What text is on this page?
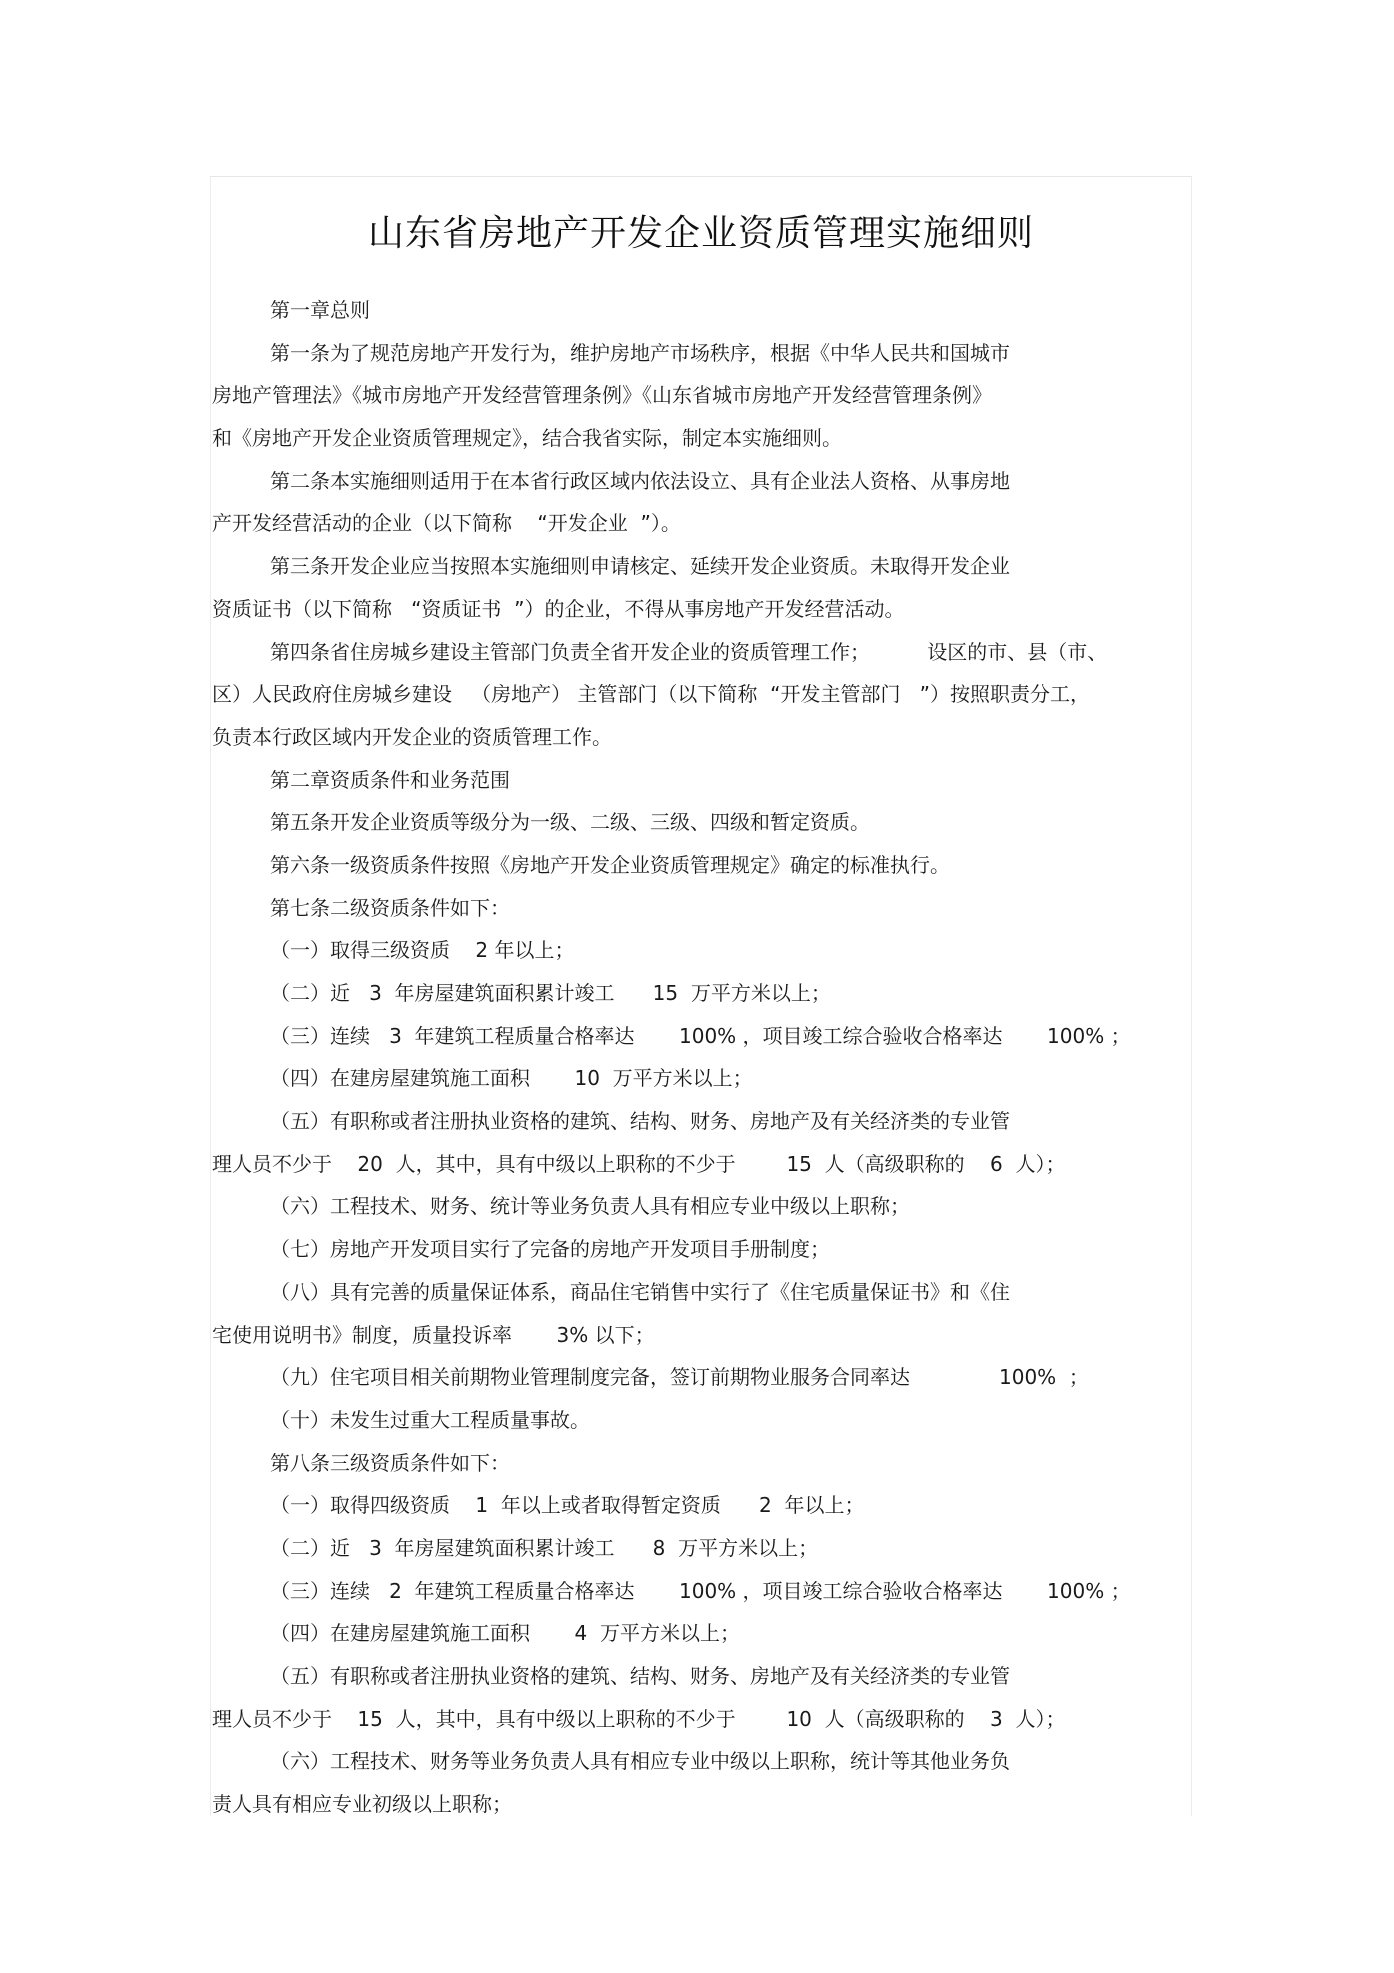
山东省房地产开发企业资质管理实施细则
第一章总则
第一条为了规范房地产开发行为，维护房地产市场秩序，根据《中华人民共和国城市
房地产管理法》《城市房地产开发经营管理条例》《山东省城市房地产开发经营管理条例》
和《房地产开发企业资质管理规定》，结合我省实际，制定本实施细则。
第二条本实施细则适用于在本省行政区域内依法设立、具有企业法人资格、从事房地
产开发经营活动的企业（以下简称    “开发企业  ”）。
第三条开发企业应当按照本实施细则申请核定、延续开发企业资质。未取得开发企业
资质证书（以下简称   “资质证书  ”）的企业，不得从事房地产开发经营活动。
第四条省住房城乡建设主管部门负责全省开发企业的资质管理工作；         设区的市、县（市、
区）人民政府住房城乡建设   （房地产） 主管部门（以下简称  “开发主管部门   ”）按照职责分工，
负责本行政区域内开发企业的资质管理工作。
第二章资质条件和业务范围
第五条开发企业资质等级分为一级、二级、三级、四级和暂定资质。
第六条一级资质条件按照《房地产开发企业资质管理规定》确定的标准执行。
第七条二级资质条件如下：
（一）取得三级资质    2 年以上；
（二）近   3  年房屋建筑面积累计竣工      15  万平方米以上；
（三）连续   3  年建筑工程质量合格率达       100% ，项目竣工综合验收合格率达       100% ；
（四）在建房屋建筑施工面积       10  万平方米以上；
（五）有职称或者注册执业资格的建筑、结构、财务、房地产及有关经济类的专业管
理人员不少于    20  人，其中，具有中级以上职称的不少于        15  人（高级职称的    6  人）；
（六）工程技术、财务、统计等业务负责人具有相应专业中级以上职称；
（七）房地产开发项目实行了完备的房地产开发项目手册制度；
（八）具有完善的质量保证体系，商品住宅销售中实行了《住宅质量保证书》和《住
宅使用说明书》制度，质量投诉率       3% 以下；
（九）住宅项目相关前期物业管理制度完备，签订前期物业服务合同率达              100%  ；
（十）未发生过重大工程质量事故。
第八条三级资质条件如下：
（一）取得四级资质    1  年以上或者取得暂定资质      2  年以上；
（二）近   3  年房屋建筑面积累计竣工      8  万平方米以上；
（三）连续   2  年建筑工程质量合格率达       100% ，项目竣工综合验收合格率达       100% ；
（四）在建房屋建筑施工面积       4  万平方米以上；
（五）有职称或者注册执业资格的建筑、结构、财务、房地产及有关经济类的专业管
理人员不少于    15  人，其中，具有中级以上职称的不少于        10  人（高级职称的    3  人）；
（六）工程技术、财务等业务负责人具有相应专业中级以上职称，统计等其他业务负
责人具有相应专业初级以上职称；
